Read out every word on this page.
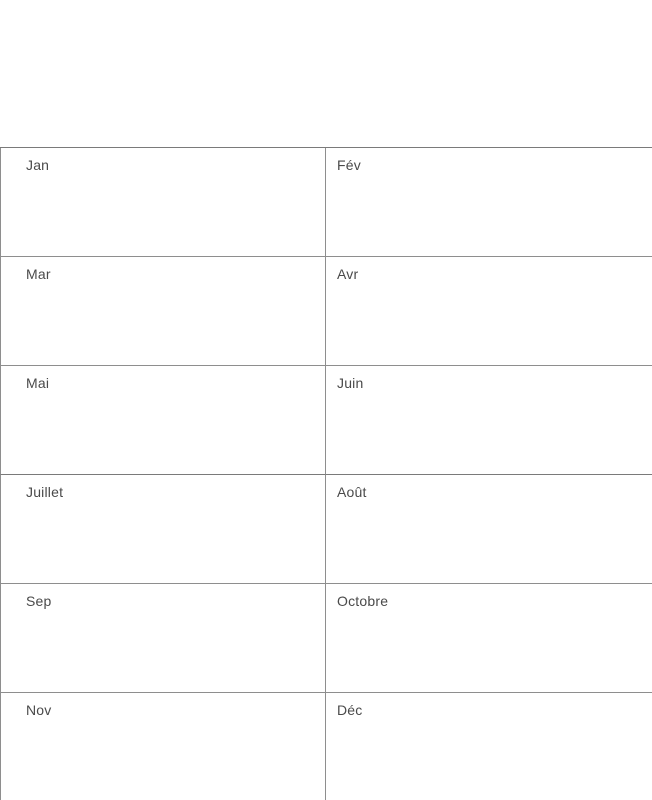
Jan	Fév
Mar	Avr
Mai	Juin
Juillet	Août
Sep	Octobre
Nov	Déc
